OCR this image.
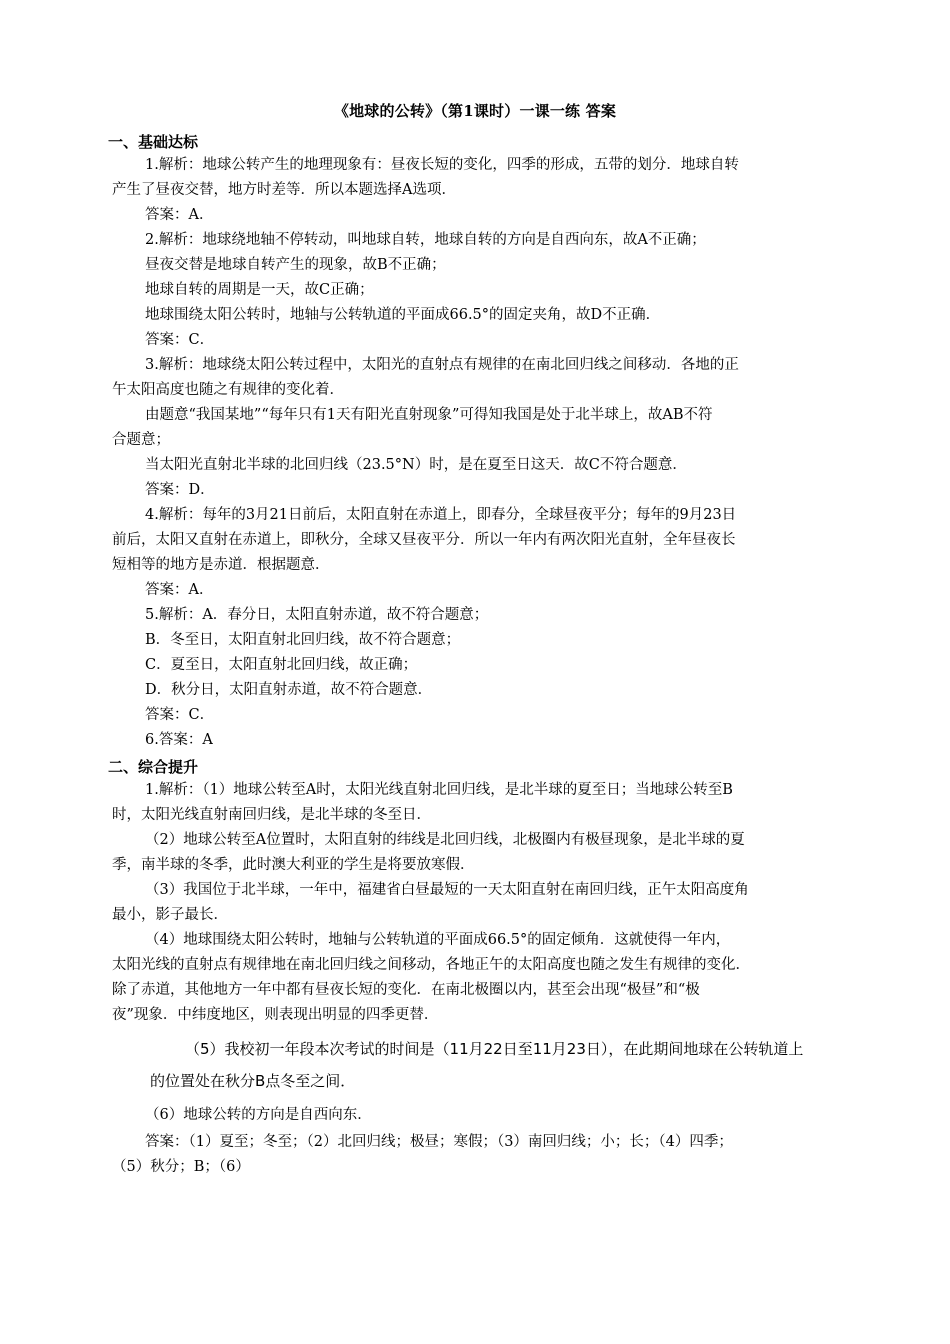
《地球的公转》（第1课时）一课一练 答案
一、基础达标
1.解析：地球公转产生的地理现象有：昼夜长短的变化，四季的形成，五带的划分．地球自转
产生了昼夜交替，地方时差等．所以本题选择A选项．
答案：A．
2.解析：地球绕地轴不停转动，叫地球自转，地球自转的方向是自西向东，故A不正确；
昼夜交替是地球自转产生的现象，故B不正确；
地球自转的周期是一天，故C正确；
地球围绕太阳公转时，地轴与公转轨道的平面成66.5°的固定夹角，故D不正确．
答案：C．
3.解析：地球绕太阳公转过程中，太阳光的直射点有规律的在南北回归线之间移动．各地的正
午太阳高度也随之有规律的变化着．
由题意“我国某地”“每年只有1天有阳光直射现象”可得知我国是处于北半球上，故AB不符
合题意；
当太阳光直射北半球的北回归线（23.5°N）时，是在夏至日这天．故C不符合题意．
答案：D．
4.解析：每年的3月21日前后，太阳直射在赤道上，即春分，全球昼夜平分；每年的9月23日
前后，太阳又直射在赤道上，即秋分，全球又昼夜平分．所以一年内有两次阳光直射，全年昼夜长
短相等的地方是赤道．根据题意．
答案：A．
5.解析：A．春分日，太阳直射赤道，故不符合题意；
B．冬至日，太阳直射北回归线，故不符合题意；
C．夏至日，太阳直射北回归线，故正确；
D．秋分日，太阳直射赤道，故不符合题意．
答案：C．
6.答案：A
二、综合提升
1.解析：（1）地球公转至A时，太阳光线直射北回归线，是北半球的夏至日；当地球公转至B
时，太阳光线直射南回归线，是北半球的冬至日．
（2）地球公转至A位置时，太阳直射的纬线是北回归线，北极圈内有极昼现象，是北半球的夏
季，南半球的冬季，此时澳大利亚的学生是将要放寒假．
（3）我国位于北半球，一年中，福建省白昼最短的一天太阳直射在南回归线，正午太阳高度角
最小，影子最长．
（4）地球围绕太阳公转时，地轴与公转轨道的平面成66.5°的固定倾角．这就使得一年内，
太阳光线的直射点有规律地在南北回归线之间移动，各地正午的太阳高度也随之发生有规律的变化．
除了赤道，其他地方一年中都有昼夜长短的变化．在南北极圈以内，甚至会出现“极昼”和“极
夜”现象．中纬度地区，则表现出明显的四季更替．
（5）我校初一年段本次考试的时间是（11月22日至11月23日），在此期间地球在公转轨道上
的位置处在秋分B点冬至之间．
（6）地球公转的方向是自西向东．
答案：（1）夏至；冬至；（2）北回归线；极昼；寒假；（3）南回归线；小；长；（4）四季；
（5）秋分；B；（6）
